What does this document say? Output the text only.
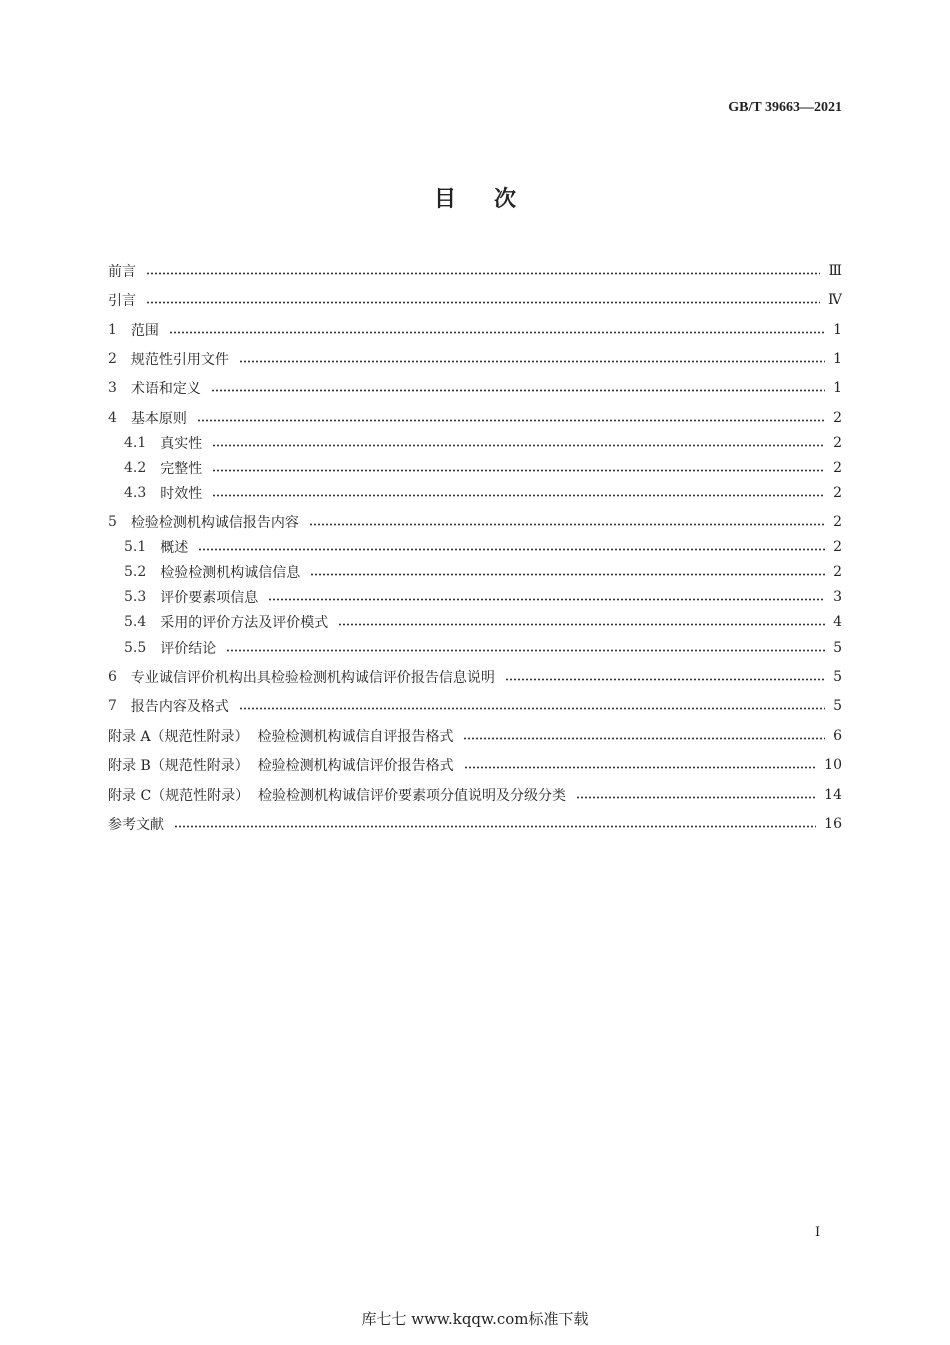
GB/T 39663—2021
目次
前言	Ⅲ
引言	Ⅳ
1 范围	1
2 规范性引用文件	1
3 术语和定义	1
4 基本原则	2
4.1 真实性	2
4.2 完整性	2
4.3 时效性	2
5 检验检测机构诚信报告内容	2
5.1 概述	2
5.2 检验检测机构诚信信息	2
5.3 评价要素项信息	3
5.4 采用的评价方法及评价模式	4
5.5 评价结论	5
6 专业诚信评价机构出具检验检测机构诚信评价报告信息说明	5
7 报告内容及格式	5
附录 A（规范性附录）  检验检测机构诚信自评报告格式	6
附录 B（规范性附录）  检验检测机构诚信评价报告格式	10
附录 C（规范性附录）  检验检测机构诚信评价要素项分值说明及分级分类	14
参考文献	16
I
库七七 www.kqqw.com标准下载
